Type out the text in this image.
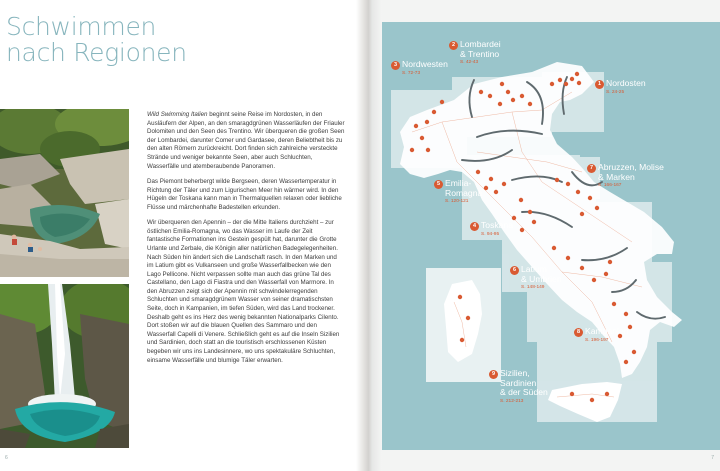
Schwimmen
nach Regionen

Wild Swimming Italien beginnt seine Reise im Nordosten, in den Ausläufern der Alpen, an den smaragdgrünen Wasserläufen der Friauler Dolomiten und den Seen des Trentino. Wir überqueren die großen Seen der Lombardei, darunter Comer und Gardasee, deren Beliebtheit bis zu den alten Römern zurückreicht. Dort finden sich zahlreiche versteckte Strände und weniger bekannte Seen, aber auch Schluchten, Wasserfälle und atemberaubende Panoramen.

Das Piemont beherbergt wilde Bergseen, deren Wassertemperatur in Richtung der Täler und zum Ligurischen Meer hin wärmer wird. In den Hügeln der Toskana kann man in Thermalquellen relaxen oder liebliche Flüsse und märchenhafte Badestellen erkunden.

Wir überqueren den Apennin – der die Mitte Italiens durchzieht – zur östlichen Emilia-Romagna, wo das Wasser im Laufe der Zeit fantastische Formationen ins Gestein gespült hat, darunter die Grotte Urlante und Zerbale, die Königin aller natürlichen Badegelegenheiten. Nach Süden hin ändert sich die Landschaft rasch. In den Marken und im Latium gibt es Vulkanseen und große Wasserfallbecken wie den Lago Pellicone. Nicht verpassen sollte man auch das grüne Tal des Castellano, den Lago di Fiastra und den Wasserfall von Marmore. In den Abruzzen zeigt sich der Apennin mit schwindelerregenden Schluchten und smaragdgrünem Wasser von seiner dramatischsten Seite, doch in Kampanien, im tiefen Süden, wird das Land trockener. Deshalb geht es ins Herz des wenig bekannten Nationalparks Cilento. Dort stoßen wir auf die blauen Quellen des Sammaro und den Wasserfall Capelli di Venere. Schließlich geht es auf die Inseln Sizilien und Sardinien, doch statt an die touristisch erschlossenen Küsten begeben wir uns ins Landesinnere, wo uns spektakuläre Schluchten, einsame Wasserfälle und blumige Täler erwarten.

6
1 Nordosten
S. 24-25
2 Lombardei
& Trentino
S. 42-43
3 Nordwesten
S. 72-73
4 Toskana
S. 94-95
5 Emilia-
Romagna
S. 120-121
6 Latium
& Umbrien
S. 148-149
7 Abruzzen, Molise
& Marken
S. 166-167
8 Kampanien
S. 196-197
9 Sizilien,
Sardinien
& der Süden
S. 212-213
7
